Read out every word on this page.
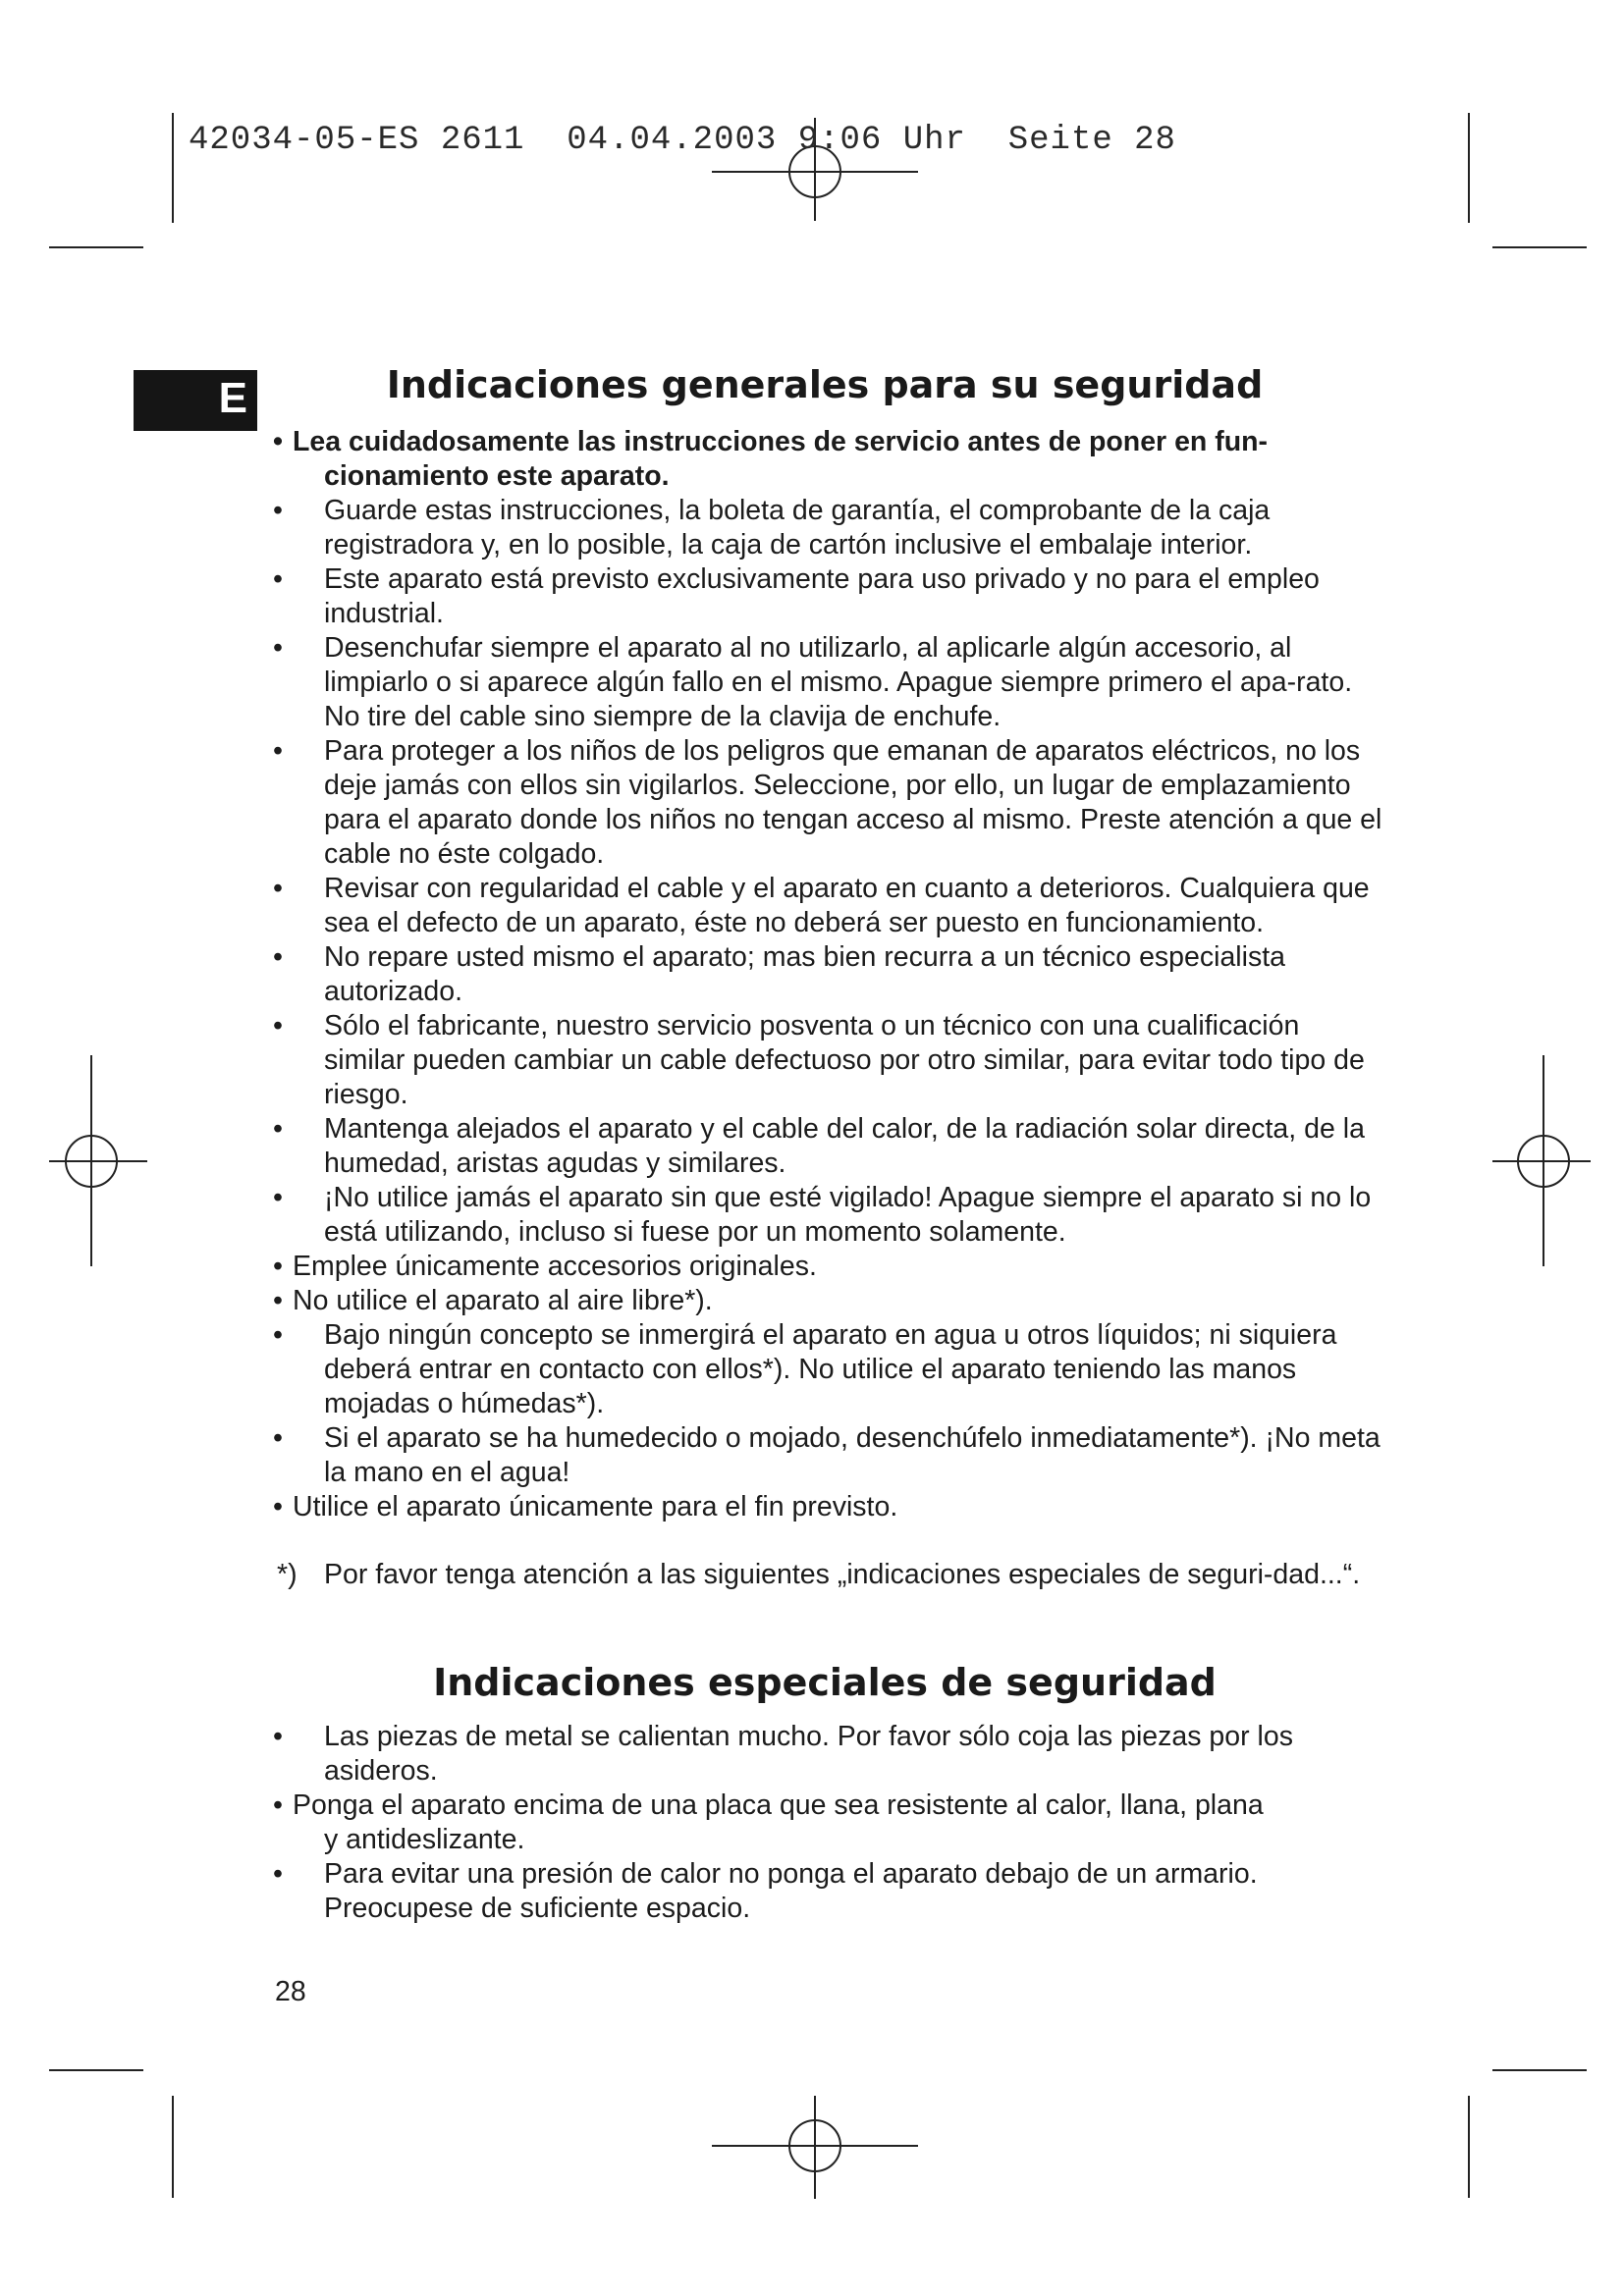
42034-05-ES 2611  04.04.2003 9:06 Uhr  Seite 28
E	Indicaciones generales para su seguridad
• Lea cuidadosamente las instrucciones de servicio antes de poner en fun-
cionamiento este aparato.
• Guarde estas instrucciones, la boleta de garantía, el comprobante de la caja registradora y, en lo posible, la caja de cartón inclusive el embalaje interior.
• Este aparato está previsto exclusivamente para uso privado y no para el empleo industrial.
• Desenchufar siempre el aparato al no utilizarlo, al aplicarle algún accesorio, al limpiarlo o si aparece algún fallo en el mismo. Apague siempre primero el apa-rato. No tire del cable sino siempre de la clavija de enchufe.
• Para proteger a los niños de los peligros que emanan de aparatos eléctricos, no los deje jamás con ellos sin vigilarlos. Seleccione, por ello, un lugar de emplazamiento para el aparato donde los niños no tengan acceso al mismo. Preste atención a que el cable no éste colgado.
• Revisar con regularidad el cable y el aparato en cuanto a deterioros. Cualquiera que sea el defecto de un aparato, éste no deberá ser puesto en funcionamiento.
• No repare usted mismo el aparato; mas bien recurra a un técnico especialista autorizado.
• Sólo el fabricante, nuestro servicio posventa o un técnico con una cualificación similar pueden cambiar un cable defectuoso por otro similar, para evitar todo tipo de riesgo.
• Mantenga alejados el aparato y el cable del calor, de la radiación solar directa, de la humedad, aristas agudas y similares.
• ¡No utilice jamás el aparato sin que esté vigilado! Apague siempre el aparato si no lo está utilizando, incluso si fuese por un momento solamente.
• Emplee únicamente accesorios originales.
• No utilice el aparato al aire libre*).
• Bajo ningún concepto se inmergirá el aparato en agua u otros líquidos; ni siquiera deberá entrar en contacto con ellos*). No utilice el aparato teniendo las manos mojadas o húmedas*).
• Si el aparato se ha humedecido o mojado, desenchúfelo inmediatamente*). ¡No meta la mano en el agua!
• Utilice el aparato únicamente para el fin previsto.
*) Por favor tenga atención a las siguientes „indicaciones especiales de seguri-dad...“.
Indicaciones especiales de seguridad
• Las piezas de metal se calientan mucho. Por favor sólo coja las piezas por los asideros.
• Ponga el aparato encima de una placa que sea resistente al calor, llana, plana
y antideslizante.
• Para evitar una presión de calor no ponga el aparato debajo de un armario. Preocupese de suficiente espacio.
28
